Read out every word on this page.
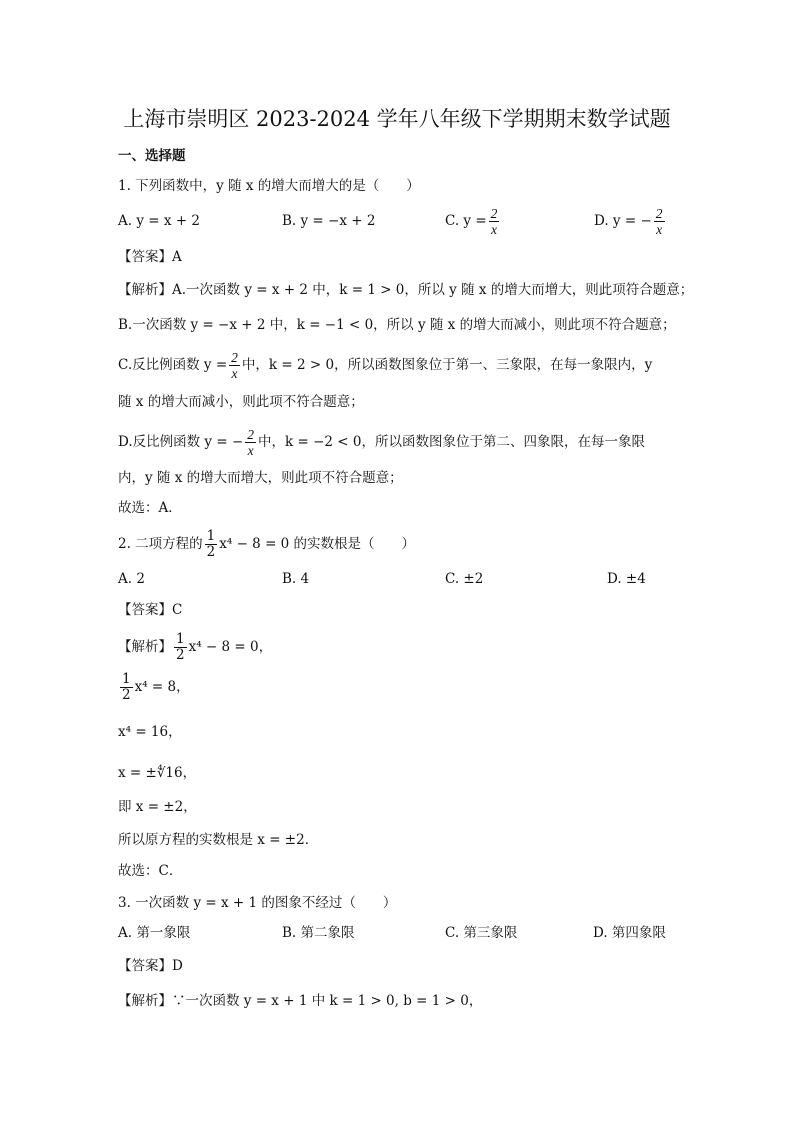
上海市崇明区 2023-2024 学年八年级下学期期末数学试题
一、选择题
1. 下列函数中，y 随 x 的增大而增大的是（　　）
A. y = x + 2	B. y = −x + 2	C. $y = \frac{2}{x}$	D. y = − $\frac{2}{x}$
【答案】A
【解析】A.一次函数 y = x + 2 中，k = 1 > 0，所以 y 随 x 的增大而增大，则此项符合题意；
B.一次函数 y = −x + 2 中，k = −1 < 0，所以 y 随 x 的增大而减小，则此项不符合题意；
C.反比例函数 $y = \frac{2}{x}$ 中，k = 2 > 0，所以函数图象位于第一、三象限，在每一象限内，y
随 x 的增大而减小，则此项不符合题意；
D.反比例函数 y = − $\frac{2}{x}$ 中，k = −2 < 0，所以函数图象位于第二、四象限，在每一象限
内，y 随 x 的增大而增大，则此项不符合题意；
故选：A．
2. 二项方程的 $\frac{1}{2} x^4 - 8 = 0$ 的实数根是（　　）
A. 2	B. 4	C. ±2	D. ±4
【答案】C
【解析】 $\frac{1}{2} x^4 - 8 = 0$，
$\frac{1}{2} x^4 = 8$，
x⁴ = 16，
x = ±∜16，
即 x = ±2，
所以原方程的实数根是 x = ±2．
故选：C．
3. 一次函数 y = x + 1 的图象不经过（　　）
A. 第一象限	B. 第二象限	C. 第三象限	D. 第四象限
【答案】D
【解析】∵一次函数 y = x + 1 中 k = 1 > 0, b = 1 > 0，
